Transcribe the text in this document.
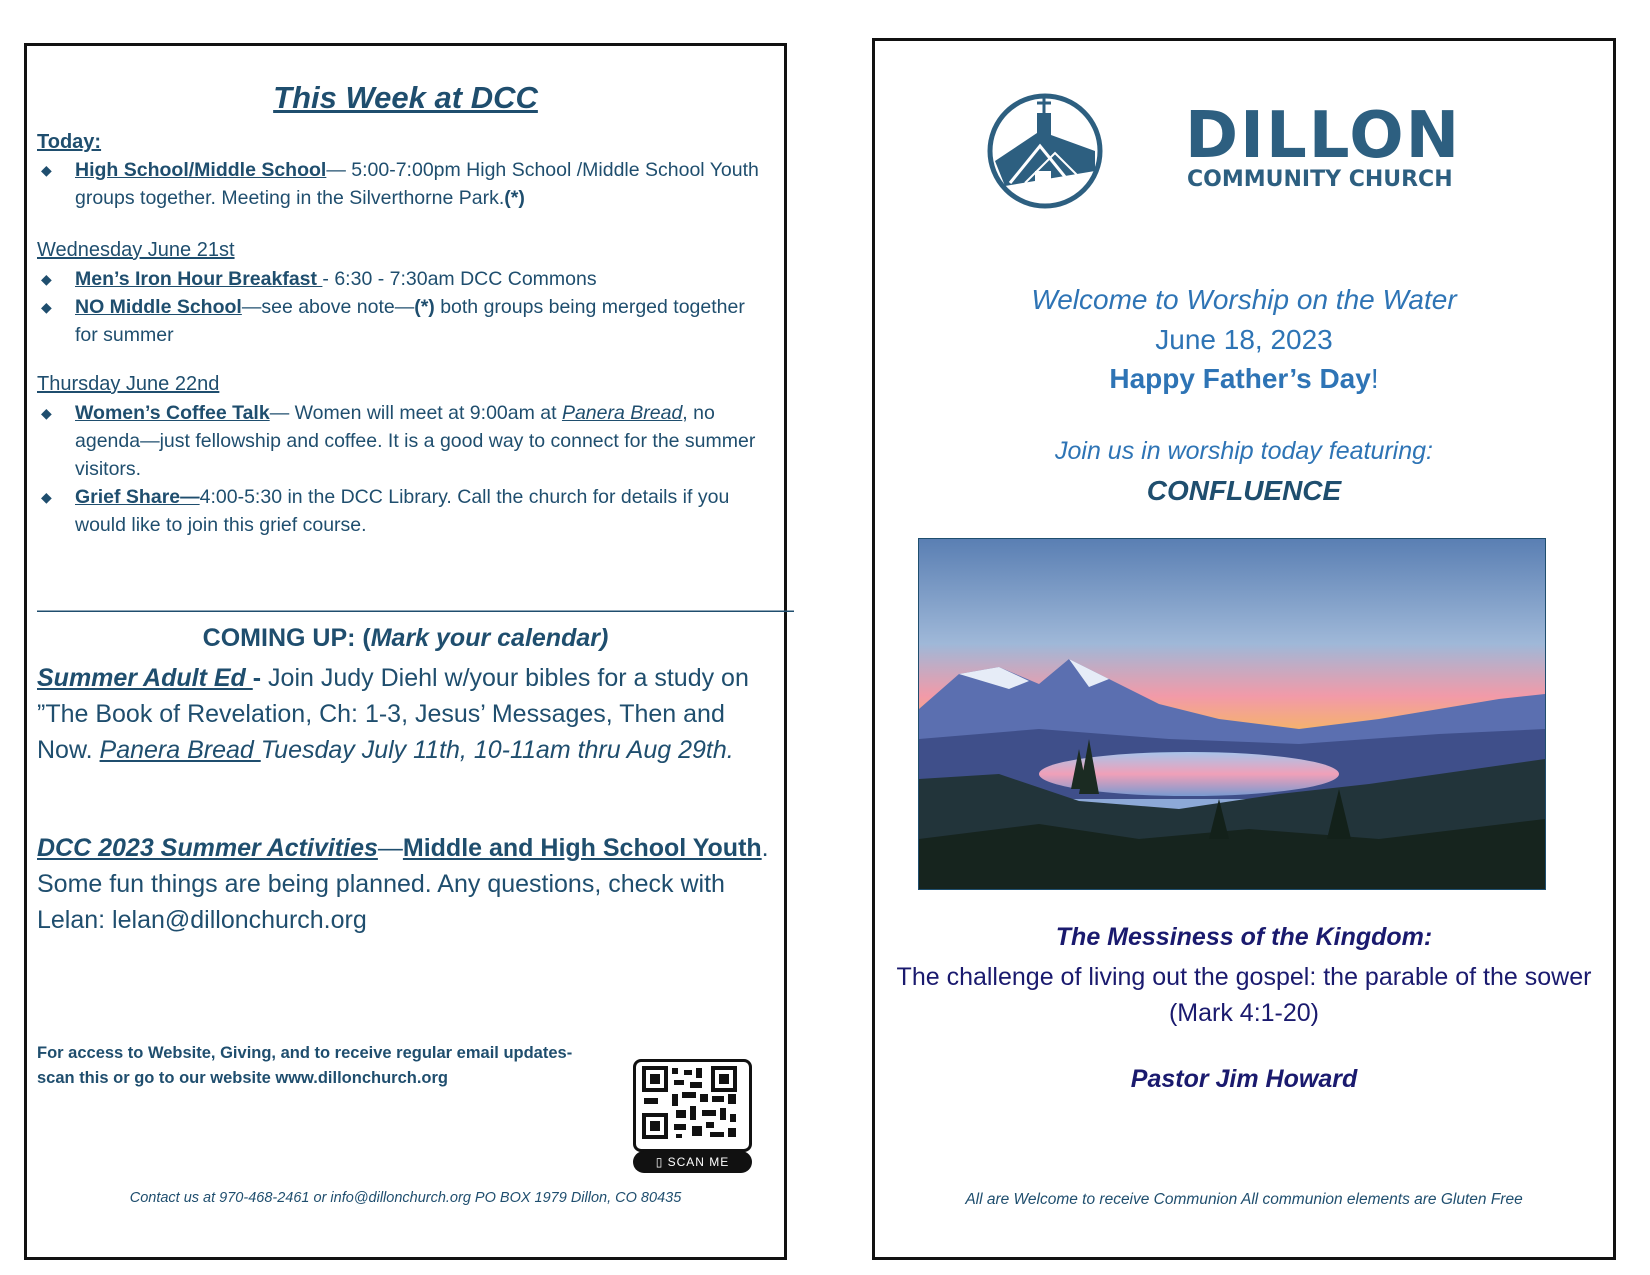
This Week at DCC
Today:
◆ High School/Middle School— 5:00-7:00pm High School /Middle School Youth groups together. Meeting in the Silverthorne Park.(*)
Wednesday June 21st
◆ Men’s Iron Hour Breakfast - 6:30 - 7:30am DCC Commons
◆ NO Middle School—see above note—(*) both groups being merged together for summer
Thursday June 22nd
◆ Women’s Coffee Talk— Women will meet at 9:00am at Panera Bread, no agenda—just fellowship and coffee. It is a good way to connect for the summer visitors.
◆ Grief Share—4:00-5:30 in the DCC Library. Call the church for details if you would like to join this grief course.
————————————————————————————————————
COMING UP: (Mark your calendar)
Summer Adult Ed - Join Judy Diehl w/your bibles for a study on ”The Book of Revelation, Ch: 1-3, Jesus’ Messages, Then and Now. Panera Bread Tuesday July 11th, 10-11am thru Aug 29th.
DCC 2023 Summer Activities—Middle and High School Youth. Some fun things are being planned. Any questions, check with Lelan: lelan@dillonchurch.org
For access to Website, Giving, and to receive regular email updates- scan this or go to our website www.dillonchurch.org
▯ SCAN ME
Contact us at 970-468-2461 or info@dillonchurch.org PO BOX 1979 Dillon, CO 80435
DILLON
COMMUNITY CHURCH
Welcome to Worship on the Water
June 18, 2023
Happy Father’s Day!
Join us in worship today featuring:
CONFLUENCE
The Messiness of the Kingdom:
The challenge of living out the gospel: the parable of the sower (Mark 4:1-20)
Pastor Jim Howard
All are Welcome to receive Communion All communion elements are Gluten Free
